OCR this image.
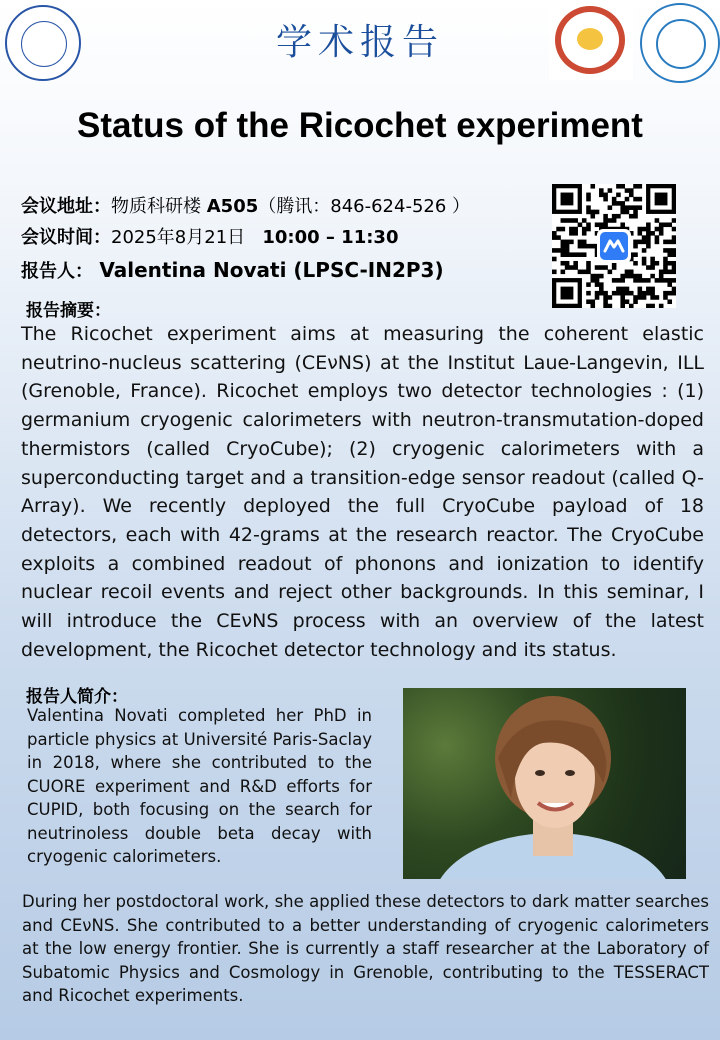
学术报告
Status of the Ricochet experiment
会议地址：物质科研楼 A505（腾讯：846-624-526 ）
会议时间：2025年8月21日 10:00 – 11:30
报告人： Valentina Novati (LPSC-IN2P3)
报告摘要：
The Ricochet experiment aims at measuring the coherent elastic neutrino-nucleus scattering (CEνNS) at the Institut Laue-Langevin, ILL (Grenoble, France). Ricochet employs two detector technologies : (1) germanium cryogenic calorimeters with neutron-transmutation-doped thermistors (called CryoCube); (2) cryogenic calorimeters with a superconducting target and a transition-edge sensor readout (called Q-Array). We recently deployed the full CryoCube payload of 18 detectors, each with 42-grams at the research reactor. The CryoCube exploits a combined readout of phonons and ionization to identify nuclear recoil events and reject other backgrounds. In this seminar, I will introduce the CEνNS process with an overview of the latest development, the Ricochet detector technology and its status.
报告人简介：
Valentina Novati completed her PhD in particle physics at Université Paris-Saclay in 2018, where she contributed to the CUORE experiment and R&D efforts for CUPID, both focusing on the search for neutrinoless double beta decay with cryogenic calorimeters.
During her postdoctoral work, she applied these detectors to dark matter searches and CEνNS. She contributed to a better understanding of cryogenic calorimeters at the low energy frontier. She is currently a staff researcher at the Laboratory of Subatomic Physics and Cosmology in Grenoble, contributing to the TESSERACT and Ricochet experiments.
